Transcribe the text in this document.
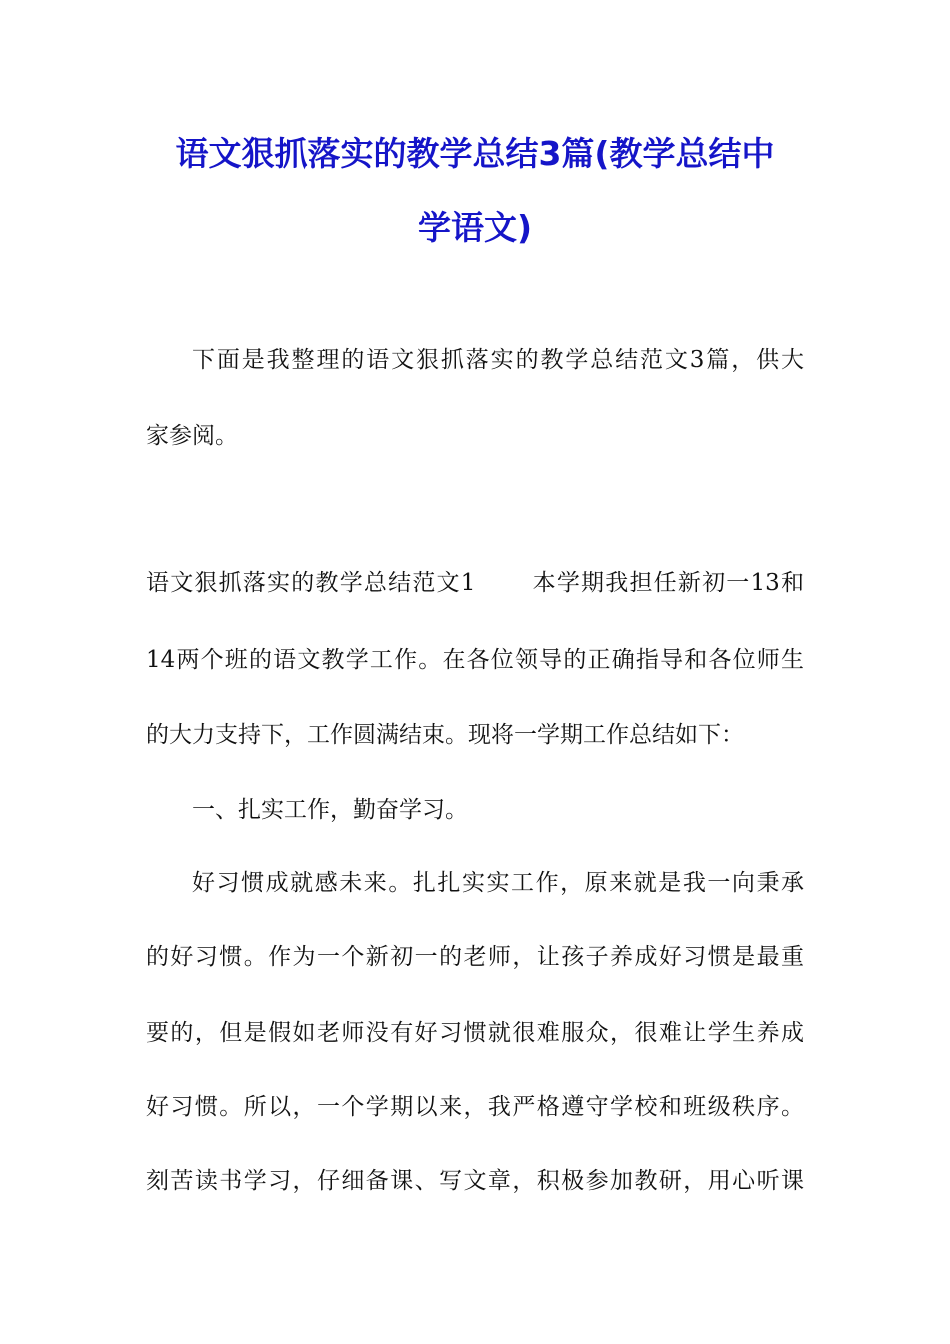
语文狠抓落实的教学总结3篇(教学总结中
学语文)
下面是我整理的语文狠抓落实的教学总结范文3篇，供大
家参阅。
语文狠抓落实的教学总结范文1 本学期我担任新初一13和
14两个班的语文教学工作。在各位领导的正确指导和各位师生
的大力支持下，工作圆满结束。现将一学期工作总结如下：
一、扎实工作，勤奋学习。
好习惯成就感未来。扎扎实实工作，原来就是我一向秉承
的好习惯。作为一个新初一的老师，让孩子养成好习惯是最重
要的，但是假如老师没有好习惯就很难服众，很难让学生养成
好习惯。所以，一个学期以来，我严格遵守学校和班级秩序。
刻苦读书学习，仔细备课、写文章，积极参加教研，用心听课
